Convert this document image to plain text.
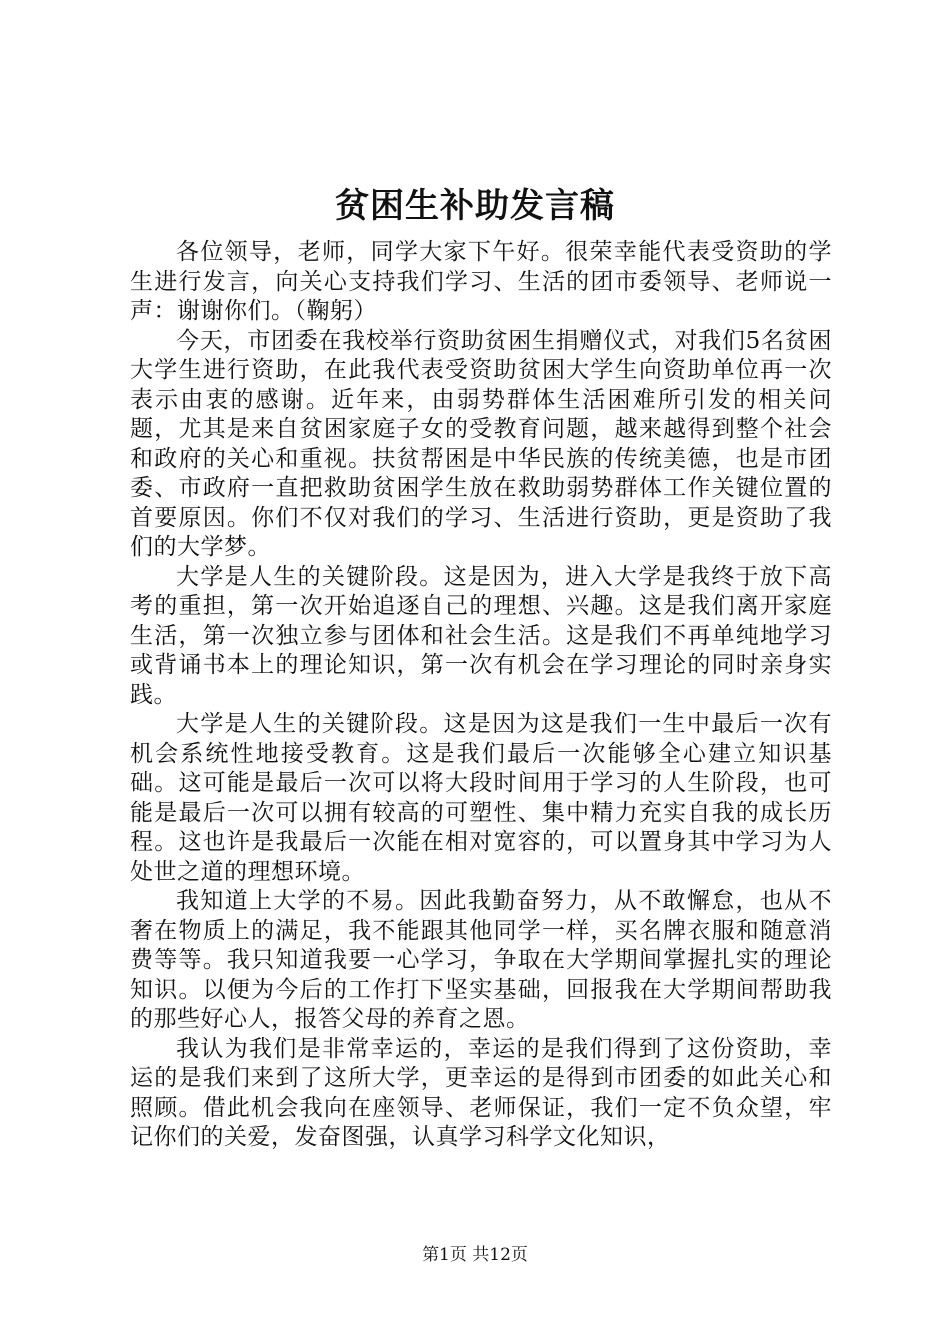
贫困生补助发言稿

各位领导，老师，同学大家下午好。很荣幸能代表受资助的学生进行发言，向关心支持我们学习、生活的团市委领导、老师说一声：谢谢你们。（鞠躬）

今天，市团委在我校举行资助贫困生捐赠仪式，对我们5名贫困大学生进行资助，在此我代表受资助贫困大学生向资助单位再一次表示由衷的感谢。近年来，由弱势群体生活困难所引发的相关问题，尤其是来自贫困家庭子女的受教育问题，越来越得到整个社会和政府的关心和重视。扶贫帮困是中华民族的传统美德，也是市团委、市政府一直把救助贫困学生放在救助弱势群体工作关键位置的首要原因。你们不仅对我们的学习、生活进行资助，更是资助了我们的大学梦。

大学是人生的关键阶段。这是因为，进入大学是我终于放下高考的重担，第一次开始追逐自己的理想、兴趣。这是我们离开家庭生活，第一次独立参与团体和社会生活。这是我们不再单纯地学习或背诵书本上的理论知识，第一次有机会在学习理论的同时亲身实践。

大学是人生的关键阶段。这是因为这是我们一生中最后一次有机会系统性地接受教育。这是我们最后一次能够全心建立知识基础。这可能是最后一次可以将大段时间用于学习的人生阶段，也可能是最后一次可以拥有较高的可塑性、集中精力充实自我的成长历程。这也许是我最后一次能在相对宽容的，可以置身其中学习为人处世之道的理想环境。

我知道上大学的不易。因此我勤奋努力，从不敢懈怠，也从不奢在物质上的满足，我不能跟其他同学一样，买名牌衣服和随意消费等等。我只知道我要一心学习，争取在大学期间掌握扎实的理论知识。以便为今后的工作打下坚实基础，回报我在大学期间帮助我的那些好心人，报答父母的养育之恩。

我认为我们是非常幸运的，幸运的是我们得到了这份资助，幸运的是我们来到了这所大学，更幸运的是得到市团委的如此关心和照顾。借此机会我向在座领导、老师保证，我们一定不负众望，牢记你们的关爱，发奋图强，认真学习科学文化知识，

第1页 共12页
